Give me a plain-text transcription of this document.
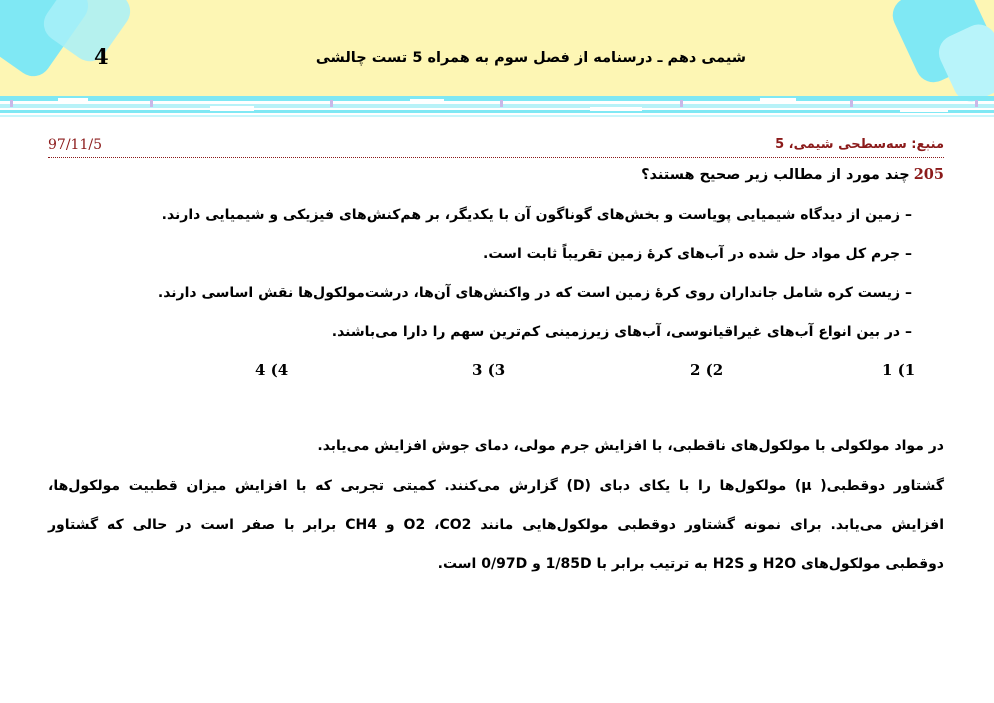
4	شیمی دهم ـ درسنامه از فصل سوم به همراه 5 تست چالشی
منبع: سه‌سطحی شیمی، 5
97/11/5
205چند مورد از مطالب زیر صحیح هستند؟
– زمین از دیدگاه شیمیایی پویاست و بخش‌های گوناگون آن با یکدیگر، بر هم‌کنش‌های فیزیکی و شیمیایی دارند.
– جرم کل مواد حل شده در آب‌های کرهٔ زمین تقریباً ثابت است.
– زیست کره شامل جانداران روی کرهٔ زمین است که در واکنش‌های آن‌ها، درشت‌مولکول‌ها نقش اساسی دارند.
– در بین انواع آب‌های غیراقیانوسی، آب‌های زیرزمینی کم‌ترین سهم را دارا می‌باشند.
1 (1
2 (2
3 (3
4 (4
در مواد مولکولی با مولکول‌های ناقطبی، با افزایش جرم مولی، دمای جوش افزایش می‌یابد.
گشتاور دوقطبی( μ) مولکول‌ها را با یکای دبای (D) گزارش می‌کنند. کمیتی تجربی که با افزایش میزان قطبیت مولکول‌ها،
افزایش می‌یابد. برای نمونه گشتاور دوقطبی مولکول‌هایی مانند O2 ،CO2 و CH4 برابر با صفر است در حالی که گشتاور
دوقطبی مولکول‌های H2O و H2S به ترتیب برابر با 1/85D و 0/97D است.
